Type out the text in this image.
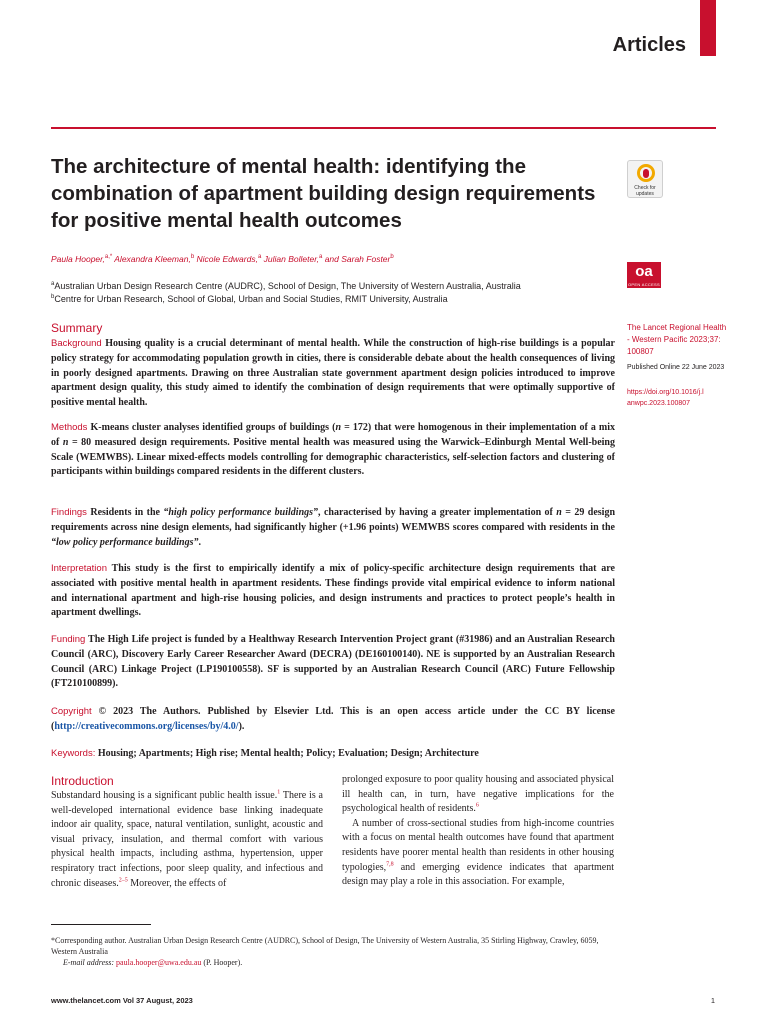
Articles
The architecture of mental health: identifying the combination of apartment building design requirements for positive mental health outcomes
Check for updates
oa
OPEN ACCESS
Paula Hooper,$^{a,*}$ Alexandra Kleeman,$^b$ Nicole Edwards,$^a$ Julian Bolleter,$^a$ and Sarah Foster$^b$
$^a$Australian Urban Design Research Centre (AUDRC), School of Design, The University of Western Australia, Australia
$^b$Centre for Urban Research, School of Global, Urban and Social Studies, RMIT University, Australia
The Lancet Regional Health - Western Pacific 2023;37: 100807
Published Online 22 June 2023
https://doi.org/10.1016/j.lanwpc.2023.100807
Summary

Background Housing quality is a crucial determinant of mental health. While the construction of high-rise buildings is a popular policy strategy for accommodating population growth in cities, there is considerable debate about the health consequences of living in poorly designed apartments. Drawing on three Australian state government apartment design policies introduced to improve apartment design quality, this study aimed to identify the combination of design requirements that were optimally supportive of positive mental health.

Methods K-means cluster analyses identified groups of buildings (n = 172) that were homogenous in their implementation of a mix of n = 80 measured design requirements. Positive mental health was measured using the Warwick–Edinburgh Mental Well-being Scale (WEMWBS). Linear mixed-effects models controlling for demographic characteristics, self-selection factors and clustering of participants within buildings compared residents in the different clusters.

Findings Residents in the “high policy performance buildings”, characterised by having a greater implementation of n = 29 design requirements across nine design elements, had significantly higher (+1.96 points) WEMWBS scores compared with residents in the “low policy performance buildings”.

Interpretation This study is the first to empirically identify a mix of policy-specific architecture design requirements that are associated with positive mental health in apartment residents. These findings provide vital empirical evidence to inform national and international apartment and high-rise housing policies, and design instruments and practices to protect people’s health in apartment dwellings.

Funding The High Life project is funded by a Healthway Research Intervention Project grant (#31986) and an Australian Research Council (ARC), Discovery Early Career Researcher Award (DECRA) (DE160100140). NE is supported by an Australian Research Council (ARC) Linkage Project (LP190100558). SF is supported by an Australian Research Council (ARC) Future Fellowship (FT210100899).

Copyright © 2023 The Authors. Published by Elsevier Ltd. This is an open access article under the CC BY license (http://creativecommons.org/licenses/by/4.0/).

Keywords: Housing; Apartments; High rise; Mental health; Policy; Evaluation; Design; Architecture

Introduction

Substandard housing is a significant public health issue.$^1$ There is a well-developed international evidence base linking inadequate indoor air quality, space, natural ventilation, sunlight, acoustic and visual privacy, insulation, and thermal comfort with various physical health impacts, including asthma, hypertension, upper respiratory tract infections, poor sleep quality, and infectious and chronic diseases.$^{2-5}$ Moreover, the effects of

prolonged exposure to poor quality housing and associated physical ill health can, in turn, have negative implications for the psychological health of residents.$^6$

A number of cross-sectional studies from high-income countries with a focus on mental health outcomes have found that apartment residents have poorer mental health than residents in other housing typologies,$^{7,8}$ and emerging evidence indicates that apartment design may play a role in this association. For example,

*Corresponding author. Australian Urban Design Research Centre (AUDRC), School of Design, The University of Western Australia, 35 Stirling Highway, Crawley, 6059, Western Australia

E-mail address: paula.hooper@uwa.edu.au (P. Hooper).

www.thelancet.com Vol 37 August, 2023	1
